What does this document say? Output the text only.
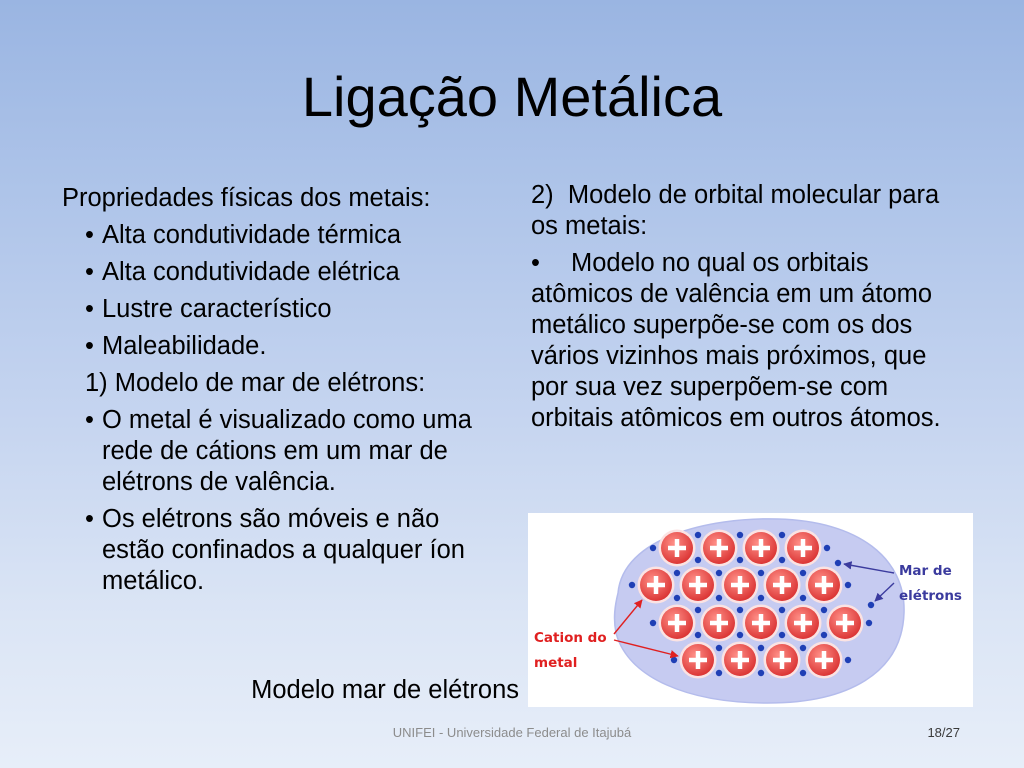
Ligação Metálica

Propriedades físicas dos metais:

• Alta condutividade térmica

• Alta condutividade elétrica

• Lustre característico

• Maleabilidade.

1) Modelo de mar de elétrons:

• O metal é visualizado como uma rede de cátions em um mar de elétrons de valência.

• Os elétrons são móveis e não estão confinados a qualquer íon metálico.

2)  Modelo de orbital molecular para os metais:

• Modelo no qual os orbitais atômicos de valência em um átomo metálico superpõe-se com os dos vários vizinhos mais próximos, que por sua vez superpõem-se com orbitais atômicos em outros átomos.

Mar de
elétrons
Cation do
metal

Modelo mar de elétrons

UNIFEI - Universidade Federal de Itajubá	18/27
